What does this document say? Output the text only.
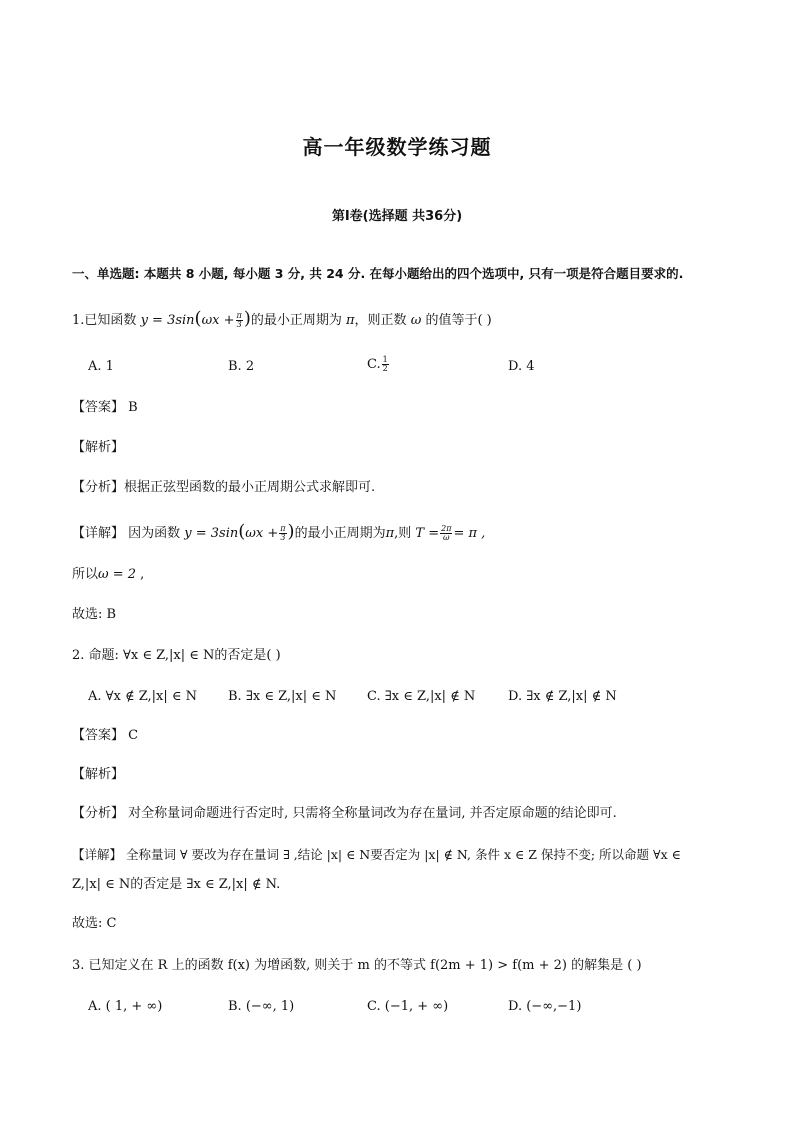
高一年级数学练习题
第Ⅰ卷(选择题 共36分)
一、单选题: 本题共 8 小题, 每小题 3 分, 共 24 分. 在每小题给出的四个选项中, 只有一项是符合题目要求的.
1.已知函数 $y = 3\sin(\omega x + \frac{\pi}{3}$ )的最小正周期为 π，则正数 ω 的值等于( )
A. 1	B. 2	C. $\frac{1}{2}$	D. 4
【答案】 B
【解析】
【分析】根据正弦型函数的最小正周期公式求解即可.
【详解】 因为函数 $y = 3\sin(\omega x + \frac{\pi}{3}$ )的最小正周期为π,则 $T = \frac{2\pi}{\omega} = \pi$ ,
所以ω = 2 ,
故选: B
2. 命题: ∀x ∈ Z,|x| ∈ N的否定是( )
A. ∀x ∉ Z,|x| ∈ N B. ∃x ∈ Z,|x| ∈ N C. ∃x ∈ Z,|x| ∉ N	D. ∃x ∉ Z,|x| ∉ N
【答案】 C
【解析】
【分析】 对全称量词命题进行否定时, 只需将全称量词改为存在量词, 并否定原命题的结论即可.
【详解】 全称量词 ∀ 要改为存在量词 ∃ ,结论 |x| ∈ N要否定为 |x| ∉ N, 条件 x ∈ Z 保持不变; 所以命题 ∀x ∈
Z,|x| ∈ N的否定是 ∃x ∈ Z,|x| ∉ N.
故选: C
3. 已知定义在 R 上的函数 f(x) 为增函数, 则关于 m 的不等式 f(2m + 1) > f(m + 2) 的解集是 ( )
A. ( 1, + ∞)	B. (−∞, 1)	C. (−1, + ∞)	D. (−∞,−1)
